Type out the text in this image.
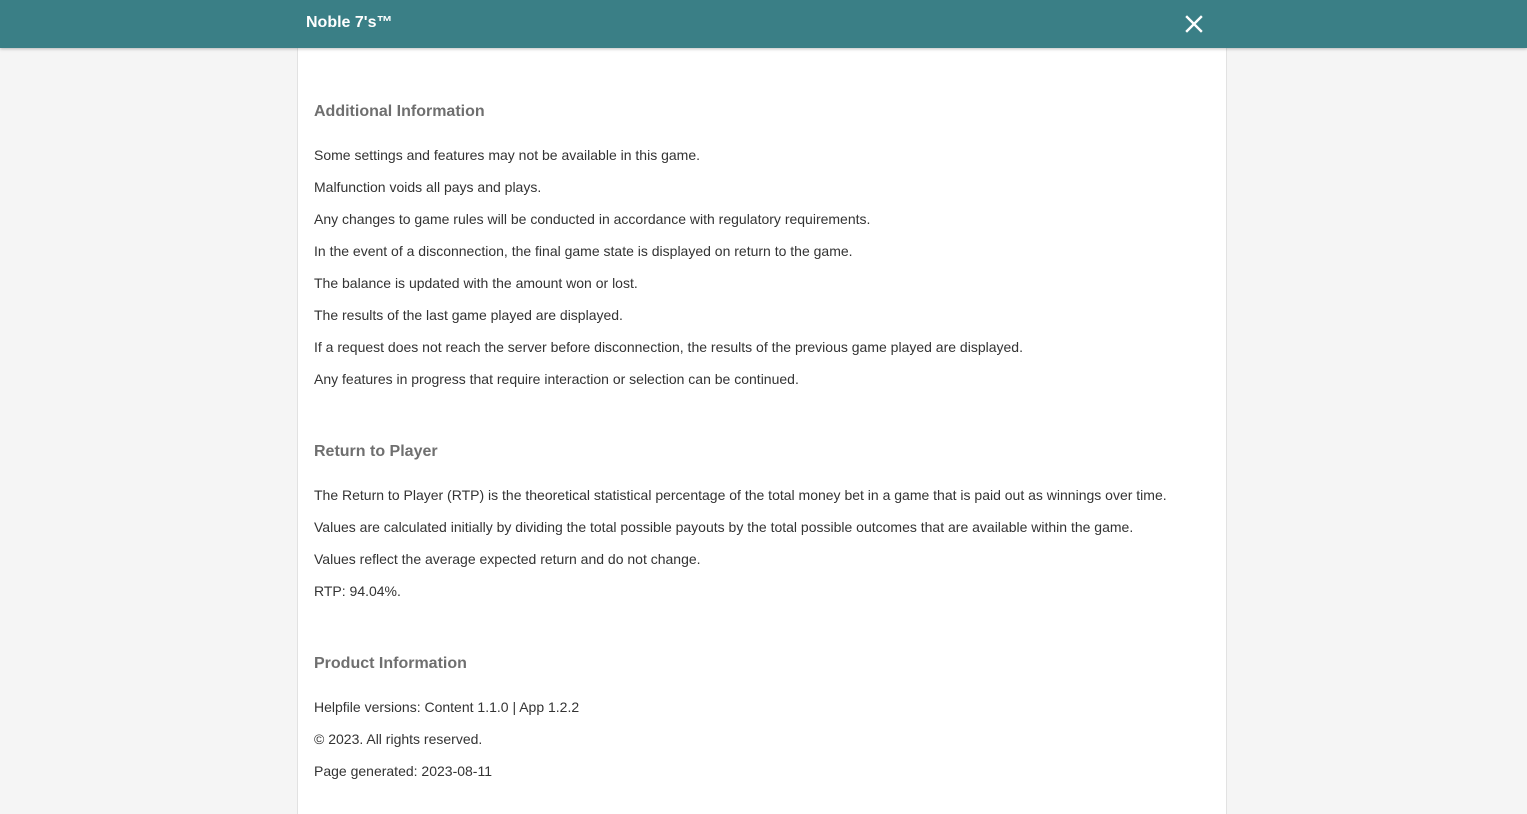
Noble 7's™
Additional Information

Some settings and features may not be available in this game.

Malfunction voids all pays and plays.

Any changes to game rules will be conducted in accordance with regulatory requirements.

In the event of a disconnection, the final game state is displayed on return to the game.

The balance is updated with the amount won or lost.

The results of the last game played are displayed.

If a request does not reach the server before disconnection, the results of the previous game played are displayed.

Any features in progress that require interaction or selection can be continued.

Return to Player

The Return to Player (RTP) is the theoretical statistical percentage of the total money bet in a game that is paid out as winnings over time.

Values are calculated initially by dividing the total possible payouts by the total possible outcomes that are available within the game.

Values reflect the average expected return and do not change.

RTP: 94.04%.

Product Information

Helpfile versions: Content 1.1.0 | App 1.2.2

© 2023. All rights reserved.

Page generated: 2023-08-11
